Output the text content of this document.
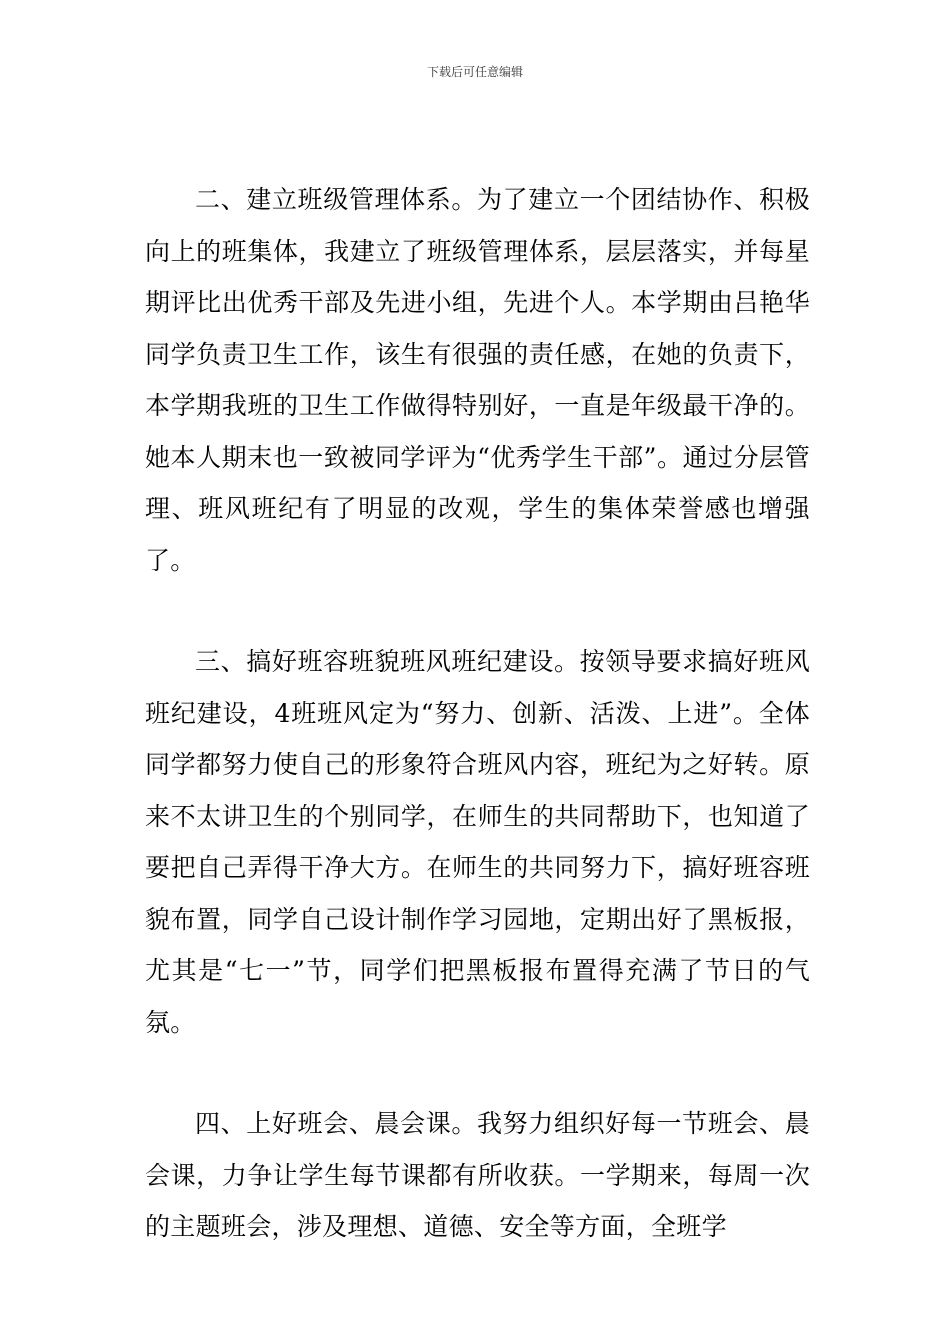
下载后可任意编辑

二、建立班级管理体系。为了建立一个团结协作、积极向上的班集体，我建立了班级管理体系，层层落实，并每星期评比出优秀干部及先进小组，先进个人。本学期由吕艳华同学负责卫生工作，该生有很强的责任感，在她的负责下，本学期我班的卫生工作做得特别好，一直是年级最干净的。她本人期末也一致被同学评为“优秀学生干部”。通过分层管理、班风班纪有了明显的改观，学生的集体荣誉感也增强了。

三、搞好班容班貌班风班纪建设。按领导要求搞好班风班纪建设，4班班风定为“努力、创新、活泼、上进”。全体同学都努力使自己的形象符合班风内容，班纪为之好转。原来不太讲卫生的个别同学，在师生的共同帮助下，也知道了要把自己弄得干净大方。在师生的共同努力下，搞好班容班貌布置，同学自己设计制作学习园地，定期出好了黑板报，尤其是“七一”节，同学们把黑板报布置得充满了节日的气氛。

四、上好班会、晨会课。我努力组织好每一节班会、晨会课，力争让学生每节课都有所收获。一学期来，每周一次的主题班会，涉及理想、道德、安全等方面，全班学
